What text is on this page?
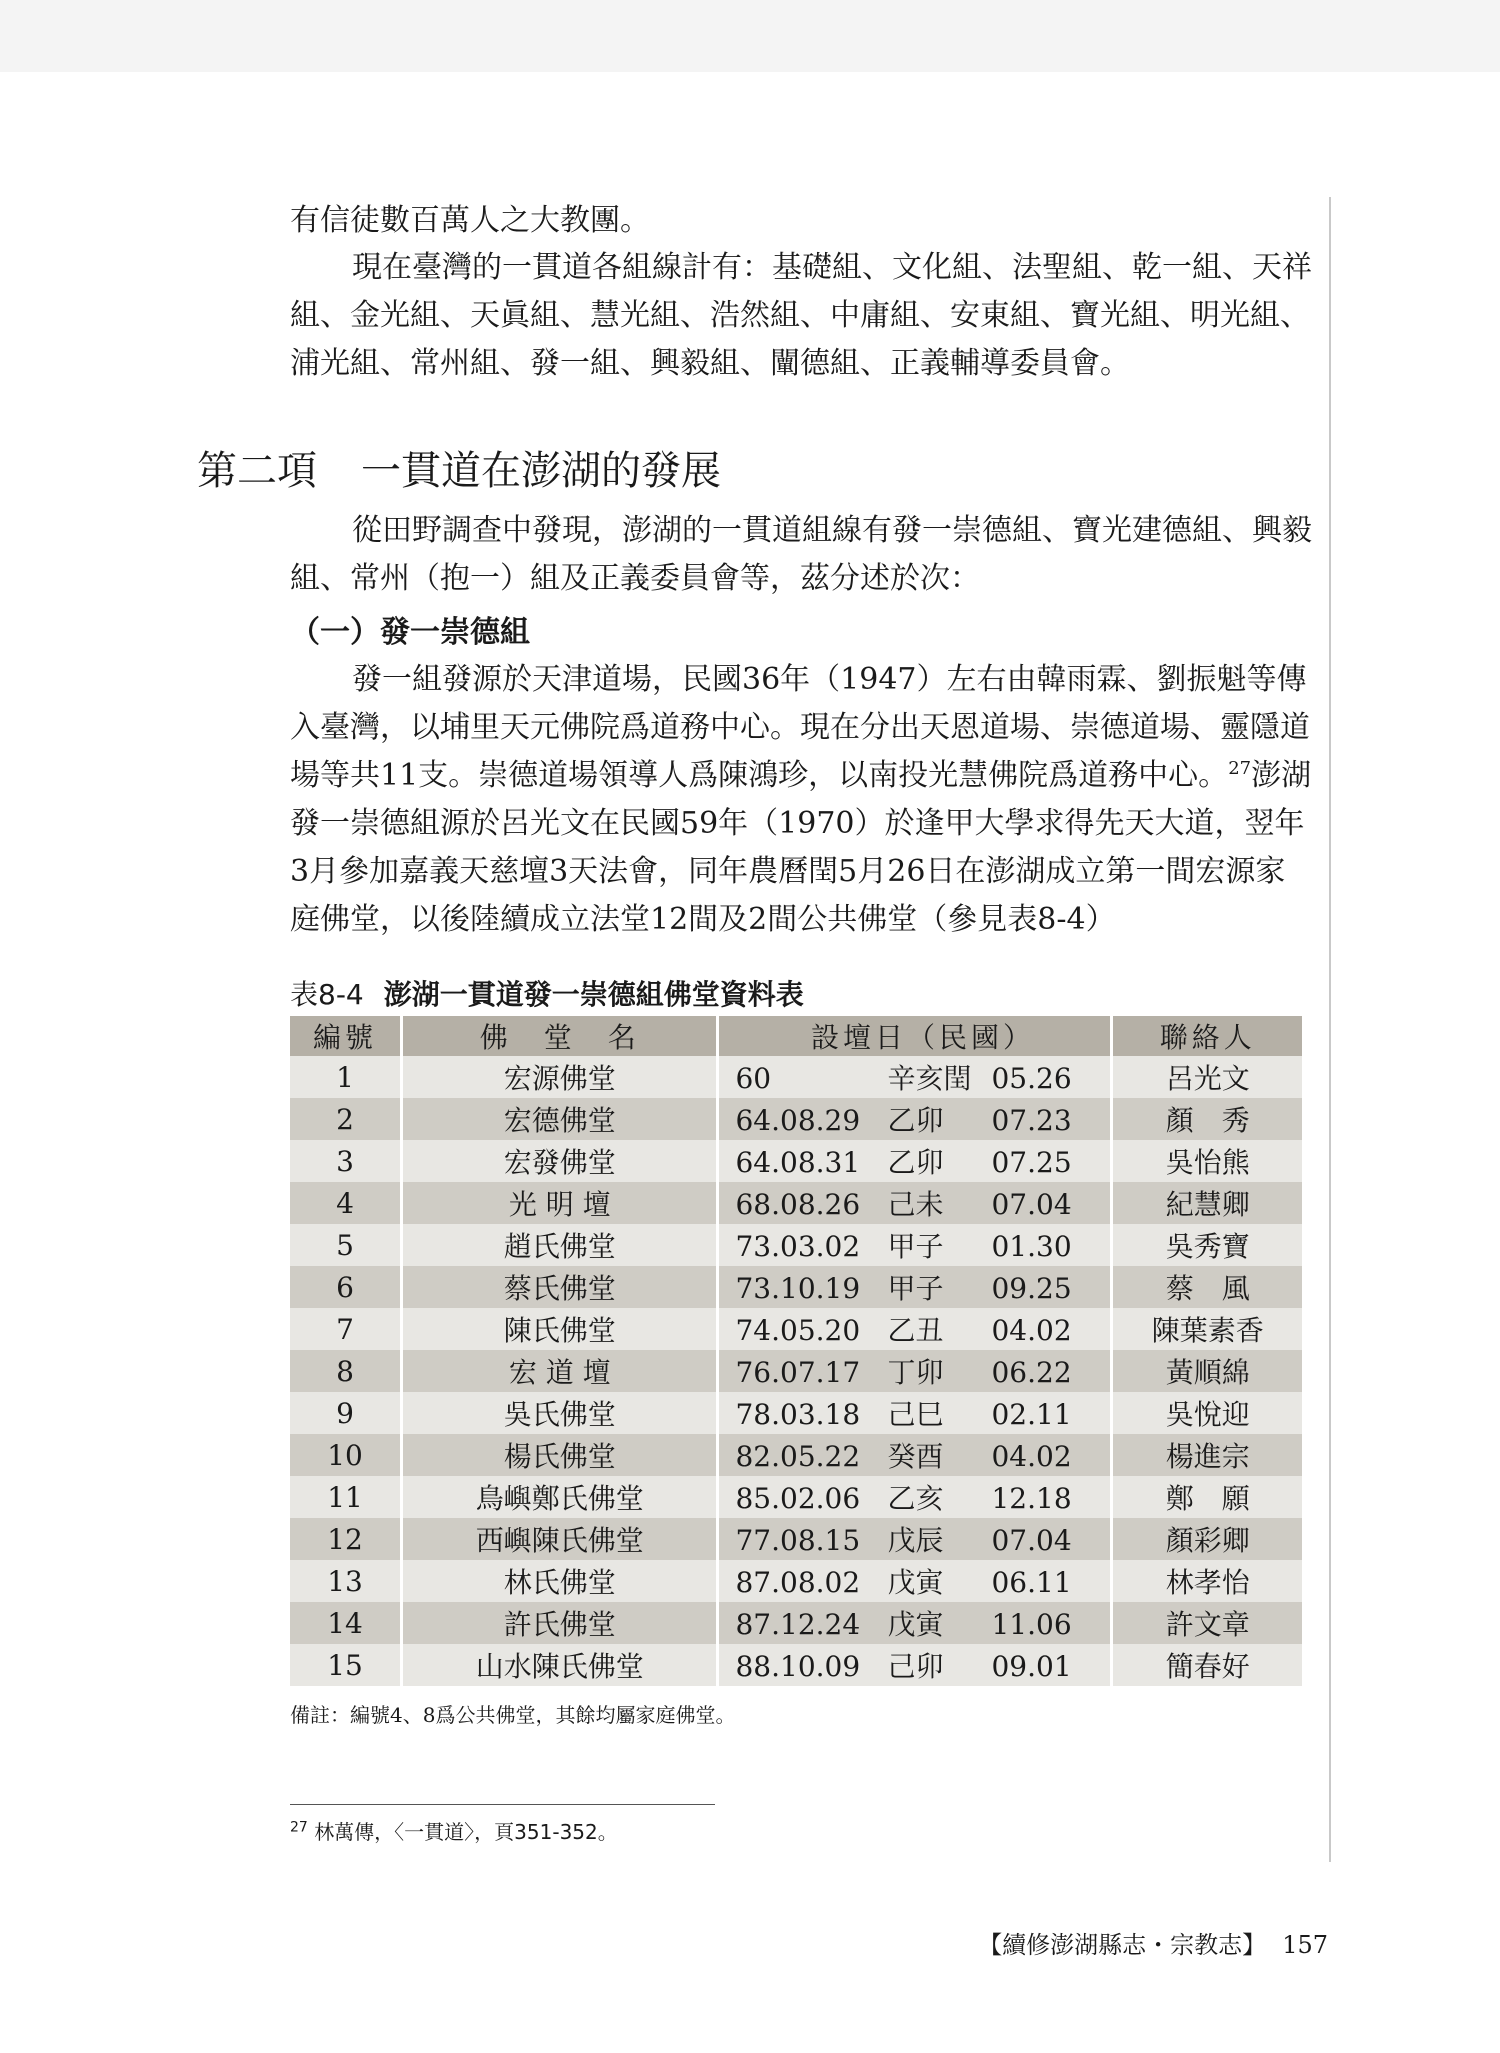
有信徒數百萬人之大教團。

現在臺灣的一貫道各組線計有：基礎組、文化組、法聖組、乾一組、天祥組、金光組、天眞組、慧光組、浩然組、中庸組、安東組、寶光組、明光組、浦光組、常州組、發一組、興毅組、闡德組、正義輔導委員會。

第二項 一貫道在澎湖的發展

從田野調查中發現，澎湖的一貫道組線有發一崇德組、寶光建德組、興毅組、常州（抱一）組及正義委員會等，茲分述於次：

（一）發一崇德組

發一組發源於天津道場，民國36年（1947）左右由韓雨霖、劉振魁等傳入臺灣，以埔里天元佛院爲道務中心。現在分出天恩道場、崇德道場、靈隱道場等共11支。崇德道場領導人爲陳鴻珍，以南投光慧佛院爲道務中心。$^{27}$澎湖發一崇德組源於呂光文在民國59年（1970）於逢甲大學求得先天大道，翌年3月參加嘉義天慈壇3天法會，同年農曆閏5月26日在澎湖成立第一間宏源家庭佛堂，以後陸續成立法堂12間及2間公共佛堂（參見表8-4）

表8-4 澎湖一貫道發一崇德組佛堂資料表
編號	佛　堂　名	設壇日（民國）	聯絡人
1	宏源佛堂	60 辛亥閏 05.26	呂光文
2	宏德佛堂	64.08.29 乙卯 07.23	顏　秀
3	宏發佛堂	64.08.31 乙卯 07.25	吳怡熊
4	光 明 壇	68.08.26 己未 07.04	紀慧卿
5	趙氏佛堂	73.03.02 甲子 01.30	吳秀寶
6	蔡氏佛堂	73.10.19 甲子 09.25	蔡　風
7	陳氏佛堂	74.05.20 乙丑 04.02	陳葉素香
8	宏 道 壇	76.07.17 丁卯 06.22	黃順綿
9	吳氏佛堂	78.03.18 己巳 02.11	吳悅迎
10	楊氏佛堂	82.05.22 癸酉 04.02	楊進宗
11	鳥嶼鄭氏佛堂	85.02.06 乙亥 12.18	鄭　願
12	西嶼陳氏佛堂	77.08.15 戊辰 07.04	顏彩卿
13	林氏佛堂	87.08.02 戊寅 06.11	林孝怡
14	許氏佛堂	87.12.24 戊寅 11.06	許文章
15	山水陳氏佛堂	88.10.09 己卯 09.01	簡春好
備註：編號4、8爲公共佛堂，其餘均屬家庭佛堂。
$^{27}$ 林萬傳，〈一貫道〉，頁351-352。
【續修澎湖縣志・宗教志】 157
